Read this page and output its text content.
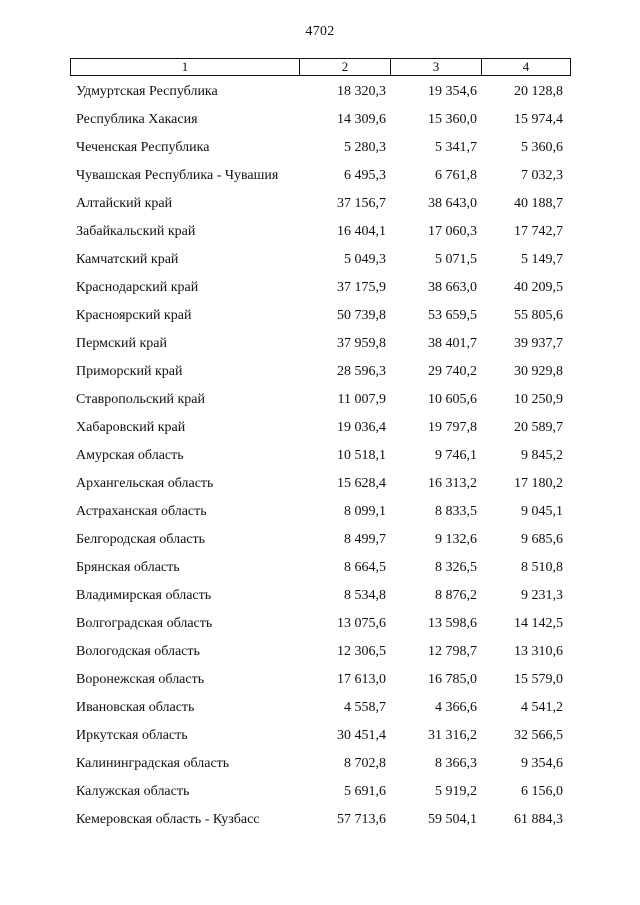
4702
1	2	3	4
Удмуртская Республика	18 320,3	19 354,6	20 128,8
Республика Хакасия	14 309,6	15 360,0	15 974,4
Чеченская Республика	5 280,3	5 341,7	5 360,6
Чувашская Республика - Чувашия	6 495,3	6 761,8	7 032,3
Алтайский край	37 156,7	38 643,0	40 188,7
Забайкальский край	16 404,1	17 060,3	17 742,7
Камчатский край	5 049,3	5 071,5	5 149,7
Краснодарский край	37 175,9	38 663,0	40 209,5
Красноярский край	50 739,8	53 659,5	55 805,6
Пермский край	37 959,8	38 401,7	39 937,7
Приморский край	28 596,3	29 740,2	30 929,8
Ставропольский край	11 007,9	10 605,6	10 250,9
Хабаровский край	19 036,4	19 797,8	20 589,7
Амурская область	10 518,1	9 746,1	9 845,2
Архангельская область	15 628,4	16 313,2	17 180,2
Астраханская область	8 099,1	8 833,5	9 045,1
Белгородская область	8 499,7	9 132,6	9 685,6
Брянская область	8 664,5	8 326,5	8 510,8
Владимирская область	8 534,8	8 876,2	9 231,3
Волгоградская область	13 075,6	13 598,6	14 142,5
Вологодская область	12 306,5	12 798,7	13 310,6
Воронежская область	17 613,0	16 785,0	15 579,0
Ивановская область	4 558,7	4 366,6	4 541,2
Иркутская область	30 451,4	31 316,2	32 566,5
Калининградская область	8 702,8	8 366,3	9 354,6
Калужская область	5 691,6	5 919,2	6 156,0
Кемеровская область - Кузбасс	57 713,6	59 504,1	61 884,3
